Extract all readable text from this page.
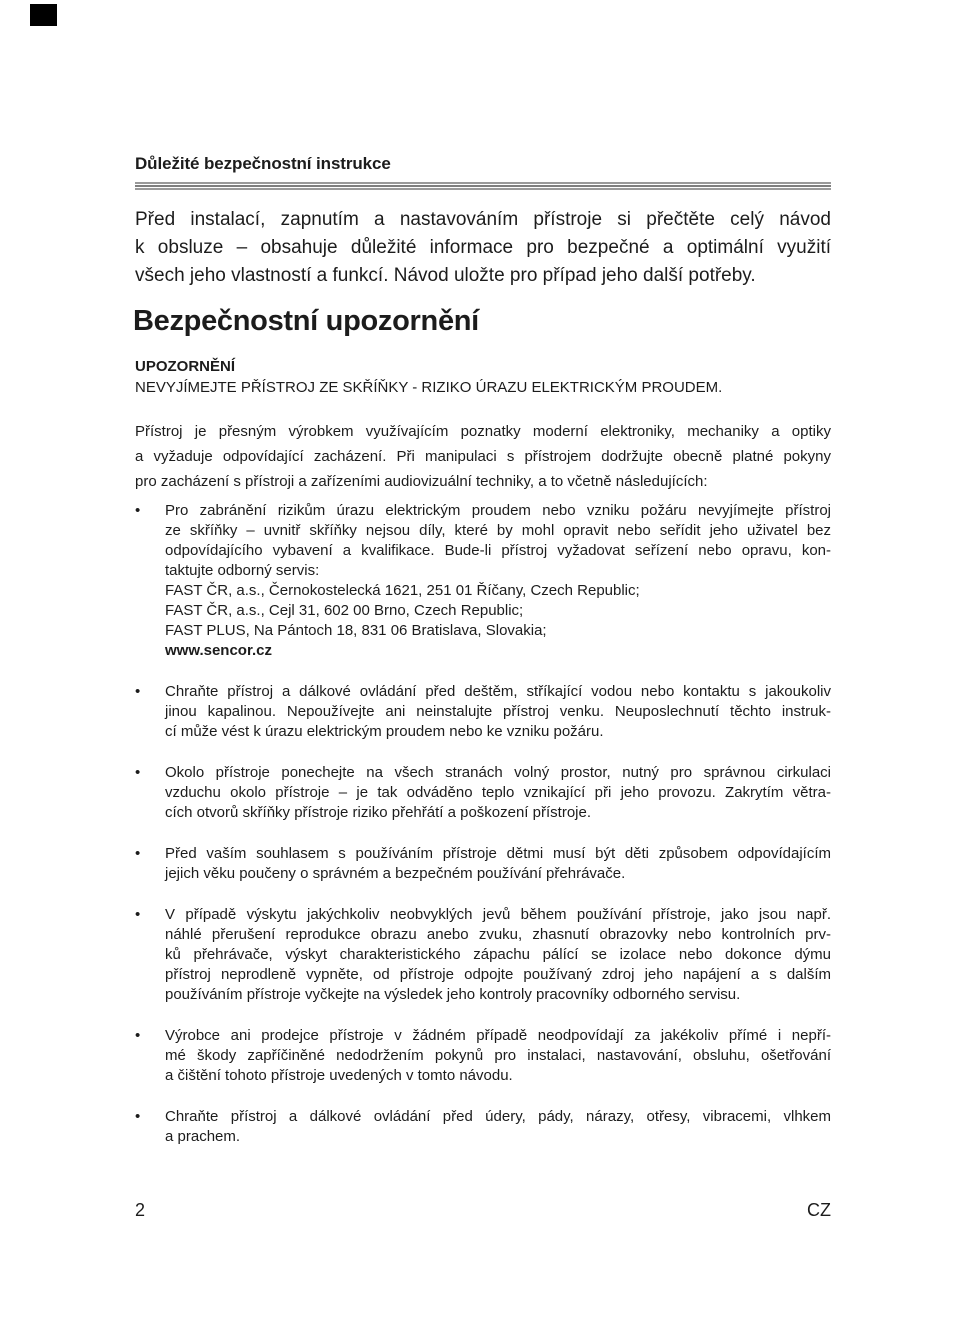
Důležité bezpečnostní instrukce
Před instalací, zapnutím a nastavováním přístroje si přečtěte celý návod
k obsluze – obsahuje důležité informace pro bezpečné a optimální využití
všech jeho vlastností a funkcí. Návod uložte pro případ jeho další potřeby.
Bezpečnostní upozornění
UPOZORNĚNÍ
NEVYJÍMEJTE PŘÍSTROJ ZE SKŘÍŇKY - RIZIKO ÚRAZU ELEKTRICKÝM PROUDEM.
Přístroj je přesným výrobkem využívajícím poznatky moderní elektroniky, mechaniky a optiky
a vyžaduje odpovídající zacházení. Při manipulaci s přístrojem dodržujte obecně platné pokyny
pro zacházení s přístroji a zařízeními audiovizuální techniky, a to včetně následujících:
•	Pro zabránění rizikům úrazu elektrickým proudem nebo vzniku požáru nevyjímejte přístroj
ze skříňky – uvnitř skříňky nejsou díly, které by mohl opravit nebo seřídit jeho uživatel bez
odpovídajícího vybavení a kvalifikace. Bude-li přístroj vyžadovat seřízení nebo opravu, kon-
taktujte odborný servis:
FAST ČR, a.s., Černokostelecká 1621, 251 01 Říčany, Czech Republic;
FAST ČR, a.s., Cejl 31, 602 00 Brno, Czech Republic;
FAST PLUS, Na Pántoch 18, 831 06 Bratislava, Slovakia;
www.sencor.cz
•	Chraňte přístroj a dálkové ovládání před deštěm, stříkající vodou nebo kontaktu s jakoukoliv
jinou kapalinou. Nepoužívejte ani neinstalujte přístroj venku. Neuposlechnutí těchto instruk-
cí může vést k úrazu elektrickým proudem nebo ke vzniku požáru.
•	Okolo přístroje ponechejte na všech stranách volný prostor, nutný pro správnou cirkulaci
vzduchu okolo přístroje – je tak odváděno teplo vznikající při jeho provozu. Zakrytím větra-
cích otvorů skříňky přístroje riziko přehřátí a poškození přístroje.
•	Před vaším souhlasem s používáním přístroje dětmi musí být děti způsobem odpovídajícím
jejich věku poučeny o správném a bezpečném používání přehrávače.
•	V případě výskytu jakýchkoliv neobvyklých jevů během používání přístroje, jako jsou např.
náhlé přerušení reprodukce obrazu anebo zvuku, zhasnutí obrazovky nebo kontrolních prv-
ků přehrávače, výskyt charakteristického zápachu pálící se izolace nebo dokonce dýmu
přístroj neprodleně vypněte, od přístroje odpojte používaný zdroj jeho napájení a s dalším
používáním přístroje vyčkejte na výsledek jeho kontroly pracovníky odborného servisu.
•	Výrobce ani prodejce přístroje v žádném případě neodpovídají za jakékoliv přímé i nepří-
mé škody zapříčiněné nedodržením pokynů pro instalaci, nastavování, obsluhu, ošetřování
a čištění tohoto přístroje uvedených v tomto návodu.
•	Chraňte přístroj a dálkové ovládání před údery, pády, nárazy, otřesy, vibracemi, vlhkem
a prachem.
2	CZ
